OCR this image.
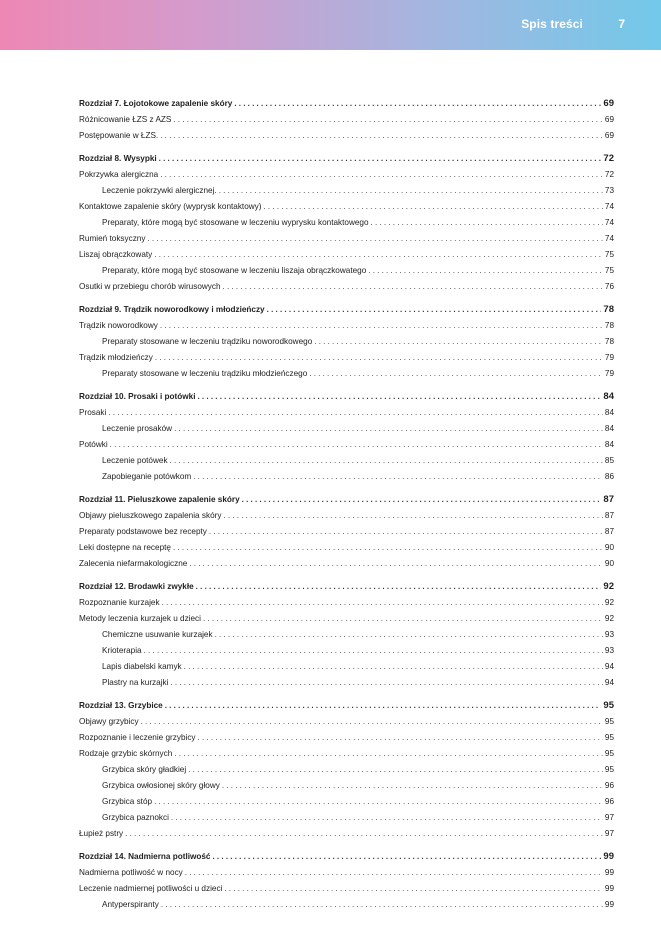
Spis treści	7
Rozdział 7. Łojotokowe zapalenie skóry . . .	69
Różnicowanie ŁZS z AZS . . .	69
Postępowanie w ŁZS. . . .	69
Rozdział 8. Wysypki . . .	72
Pokrzywka alergiczna . . .	72
Leczenie pokrzywki alergicznej. . . .	73
Kontaktowe zapalenie skóry (wyprysk kontaktowy) . . .	74
Preparaty, które mogą być stosowane w leczeniu wyprysku kontaktowego . . .	74
Rumień toksyczny . . .	74
Liszaj obrączkowaty . . .	75
Preparaty, które mogą być stosowane w leczeniu liszaja obrączkowatego . . .	75
Osutki w przebiegu chorób wirusowych . . .	76
Rozdział 9. Trądzik noworodkowy i młodzieńczy . . .	78
Trądzik noworodkowy . . .	78
Preparaty stosowane w leczeniu trądziku noworodkowego . . .	78
Trądzik młodzieńczy . . .	79
Preparaty stosowane w leczeniu trądziku młodzieńczego . . .	79
Rozdział 10. Prosaki i potówki . . .	84
Prosaki . . .	84
Leczenie prosaków . . .	84
Potówki . . .	84
Leczenie potówek . . .	85
Zapobieganie potówkom . . .	86
Rozdział 11. Pieluszkowe zapalenie skóry . . .	87
Objawy pieluszkowego zapalenia skóry . . .	87
Preparaty podstawowe bez recepty . . .	87
Leki dostępne na receptę . . .	90
Zalecenia niefarmakologiczne . . .	90
Rozdział 12. Brodawki zwykłe . . .	92
Rozpoznanie kurzajek . . .	92
Metody leczenia kurzajek u dzieci . . .	92
Chemiczne usuwanie kurzajek . . .	93
Krioterapia . . .	93
Lapis diabelski kamyk . . .	94
Plastry na kurzajki . . .	94
Rozdział 13. Grzybice . . .	95
Objawy grzybicy . . .	95
Rozpoznanie i leczenie grzybicy . . .	95
Rodzaje grzybic skórnych . . .	95
Grzybica skóry gładkiej . . .	95
Grzybica owłosionej skóry głowy . . .	96
Grzybica stóp . . .	96
Grzybica paznokci . . .	97
Łupież pstry . . .	97
Rozdział 14. Nadmierna potliwość . . .	99
Nadmierna potliwość w nocy . . .	99
Leczenie nadmiernej potliwości u dzieci . . .	99
Antyperspiranty . . .	99
